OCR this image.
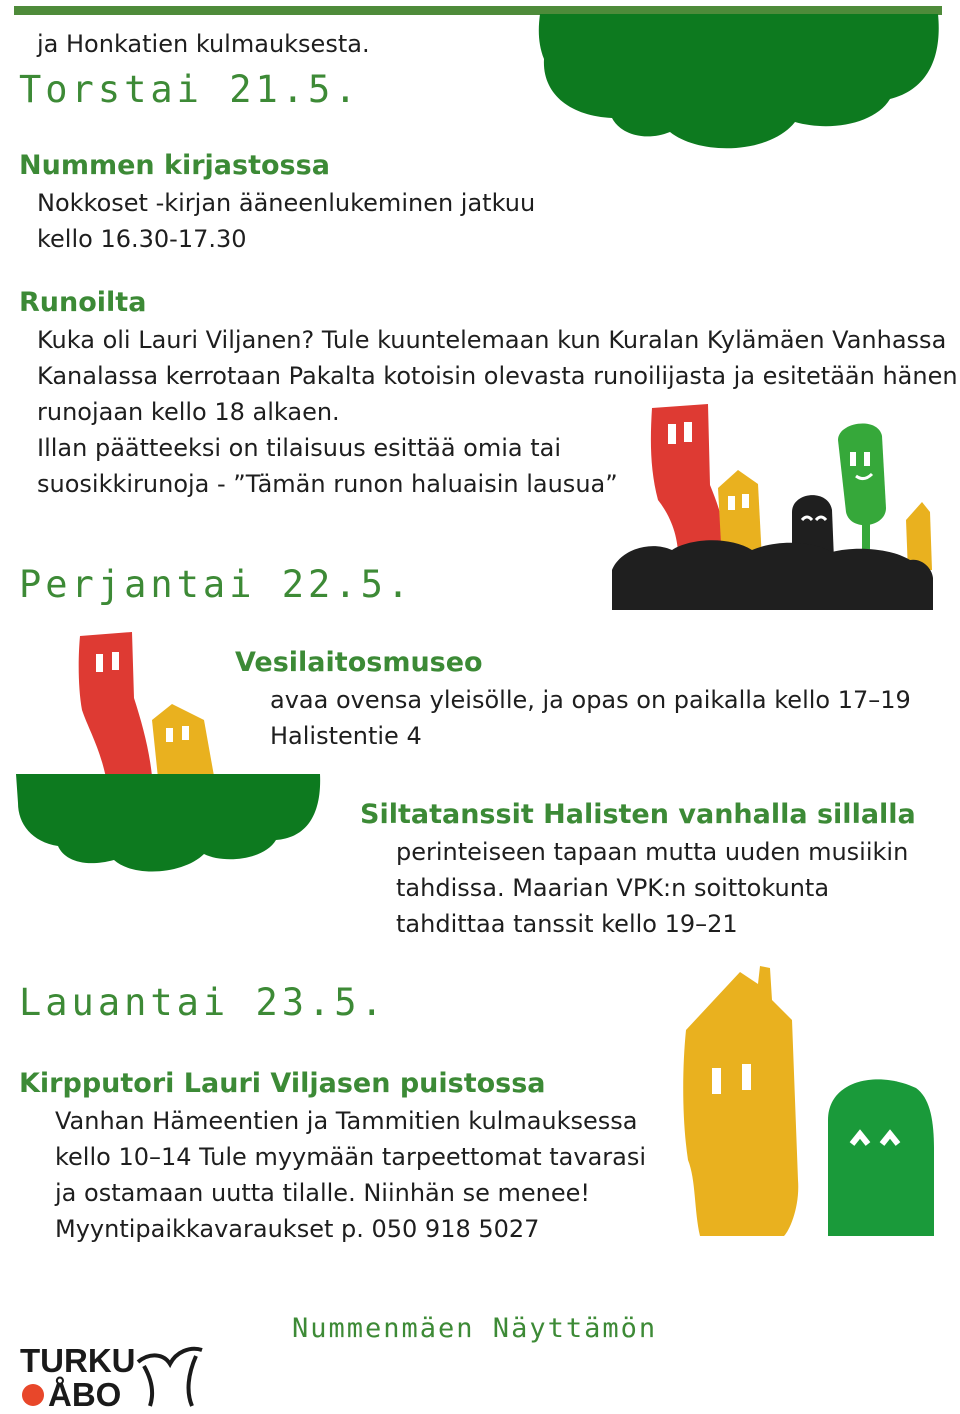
ja Honkatien kulmauksesta.
Torstai 21.5.
Nummen kirjastossa
Nokkoset -kirjan ääneenlukeminen jatkuu
kello 16.30-17.30
Runoilta
Kuka oli Lauri Viljanen? Tule kuuntelemaan kun Kuralan Kylämäen Vanhassa
Kanalassa kerrotaan Pakalta kotoisin olevasta runoilijasta ja esitetään hänen
runojaan kello 18 alkaen.
Illan päätteeksi on tilaisuus esittää omia tai
suosikkirunoja - ”Tämän runon haluaisin lausua”
Perjantai 22.5.
Vesilaitosmuseo
avaa ovensa yleisölle, ja opas on paikalla kello 17–19
Halistentie 4
Siltatanssit Halisten vanhalla sillalla
perinteiseen tapaan mutta uuden musiikin
tahdissa. Maarian VPK:n soittokunta
tahdittaa tanssit kello 19–21
Lauantai 23.5.
Kirpputori Lauri Viljasen puistossa
Vanhan Hämeentien ja Tammitien kulmauksessa
kello 10–14 Tule myymään tarpeettomat tavarasi
ja ostamaan uutta tilalle. Niinhän se menee!
Myyntipaikkavaraukset p. 050 918 5027
Nummenmäen Näyttämön
TURKU
ÅBO
